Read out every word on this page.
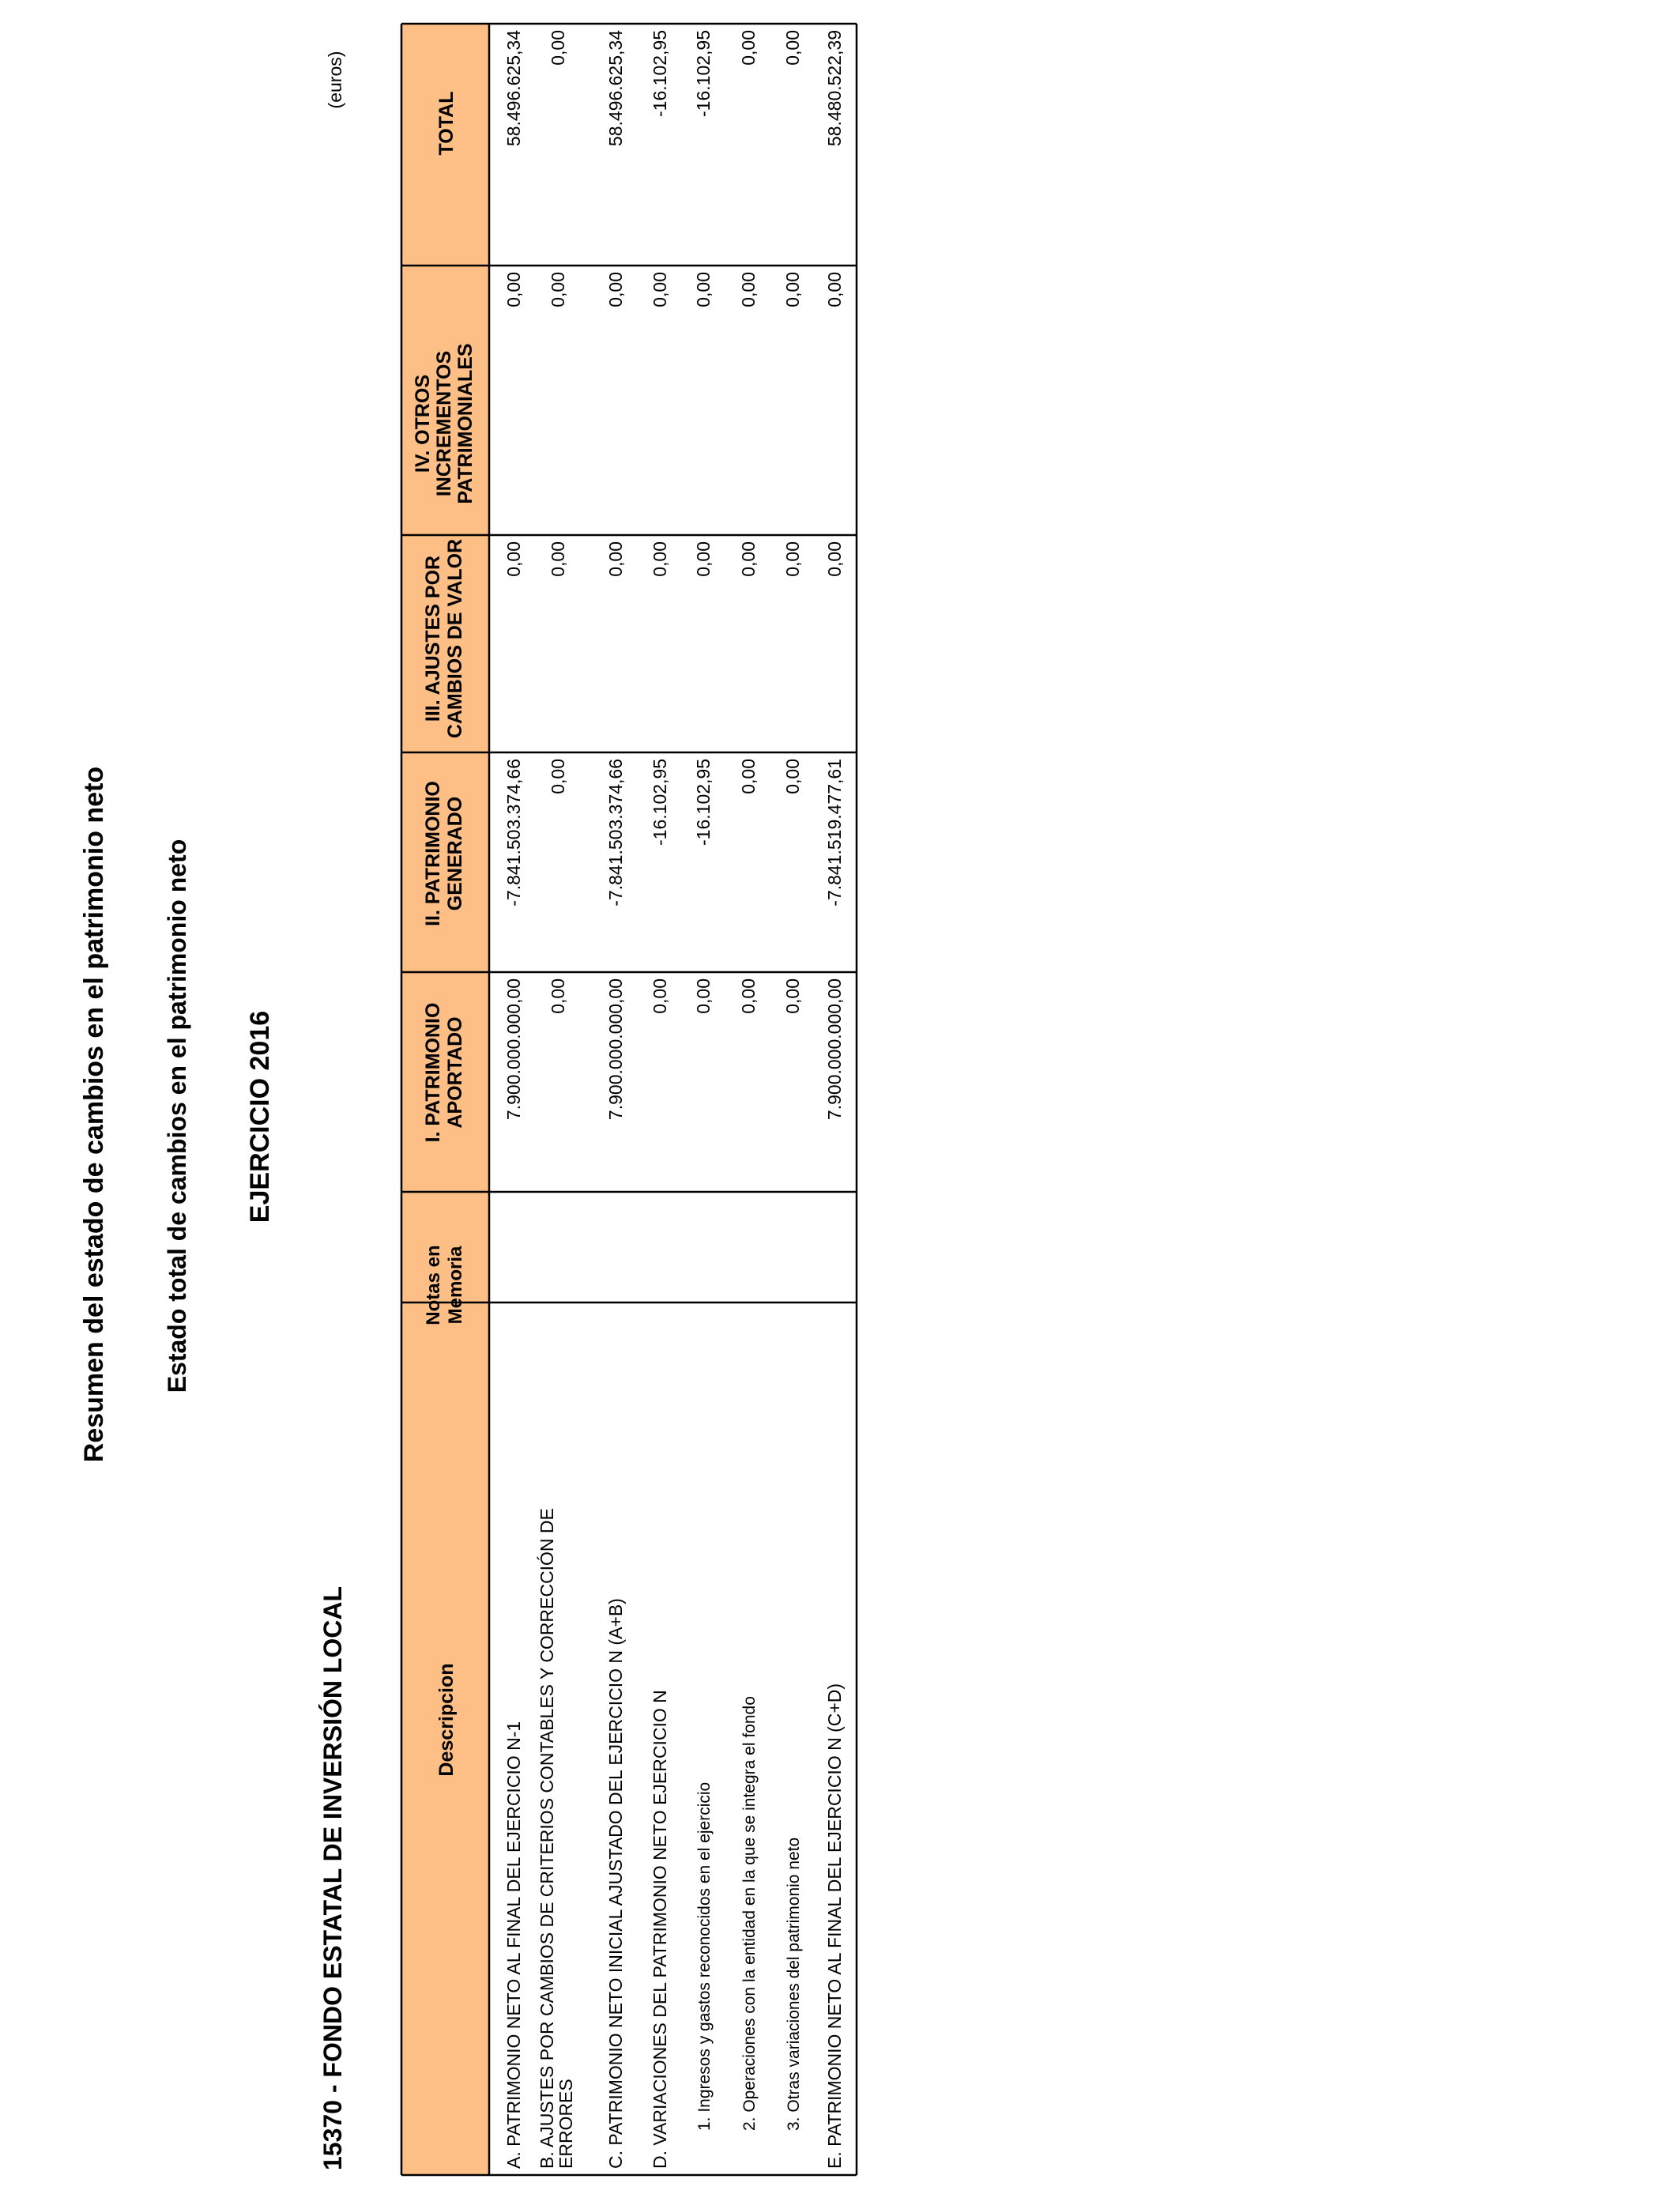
Resumen del estado de cambios en el patrimonio neto Estado total de cambios en el patrimonio neto EJERCICIO 2016
15370 - FONDO ESTATAL DE INVERSIÓN LOCAL
(euros)
Descripcion
Notas en Memoria
I. PATRIMONIO APORTADO
II. PATRIMONIO GENERADO
III. AJUSTES POR CAMBIOS DE VALOR
IV. OTROS INCREMENTOS PATRIMONIALES
TOTAL
A. PATRIMONIO NETO AL FINAL DEL EJERCICIO N-1
7.900.000.000,00
-7.841.503.374,66
0,00
0,00
58.496.625,34
B. AJUSTES POR CAMBIOS DE CRITERIOS CONTABLES Y CORRECCIÓN DE
ERRORES
0,00
0,00
0,00
0,00
0,00
C. PATRIMONIO NETO INICIAL AJUSTADO DEL EJERCICIO N (A+B)
7.900.000.000,00
-7.841.503.374,66
0,00
0,00
58.496.625,34
D. VARIACIONES DEL PATRIMONIO NETO EJERCICIO N
0,00
-16.102,95
0,00
0,00
-16.102,95
1. Ingresos y gastos reconocidos en el ejercicio
0,00
-16.102,95
0,00
0,00
-16.102,95
2. Operaciones con la entidad en la que se integra el fondo
0,00
0,00
0,00
0,00
0,00
3. Otras variaciones del patrimonio neto
0,00
0,00
0,00
0,00
0,00
E. PATRIMONIO NETO AL FINAL DEL EJERCICIO N (C+D)
7.900.000.000,00
-7.841.519.477,61
0,00
0,00
58.480.522,39
